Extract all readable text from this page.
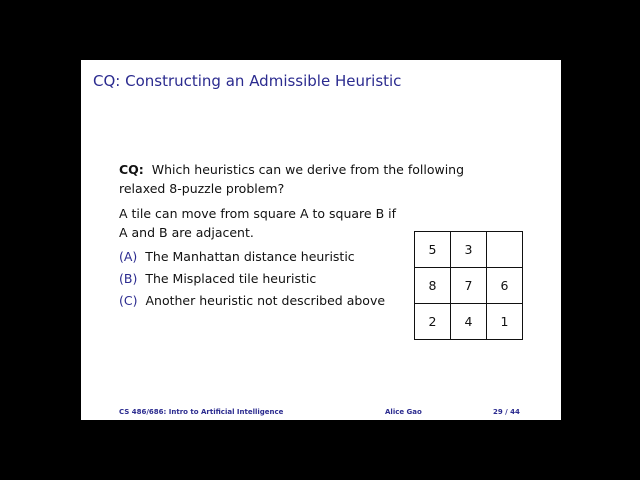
CQ: Constructing an Admissible Heuristic
CQ: Which heuristics can we derive from the following relaxed 8-puzzle problem?
A tile can move from square A to square B if A and B are adjacent.
(A) The Manhattan distance heuristic
(B) The Misplaced tile heuristic
(C) Another heuristic not described above
5	3	
8	7	6
2	4	1
CS 486/686: Intro to Artificial Intelligence	Alice Gao	29 / 44
